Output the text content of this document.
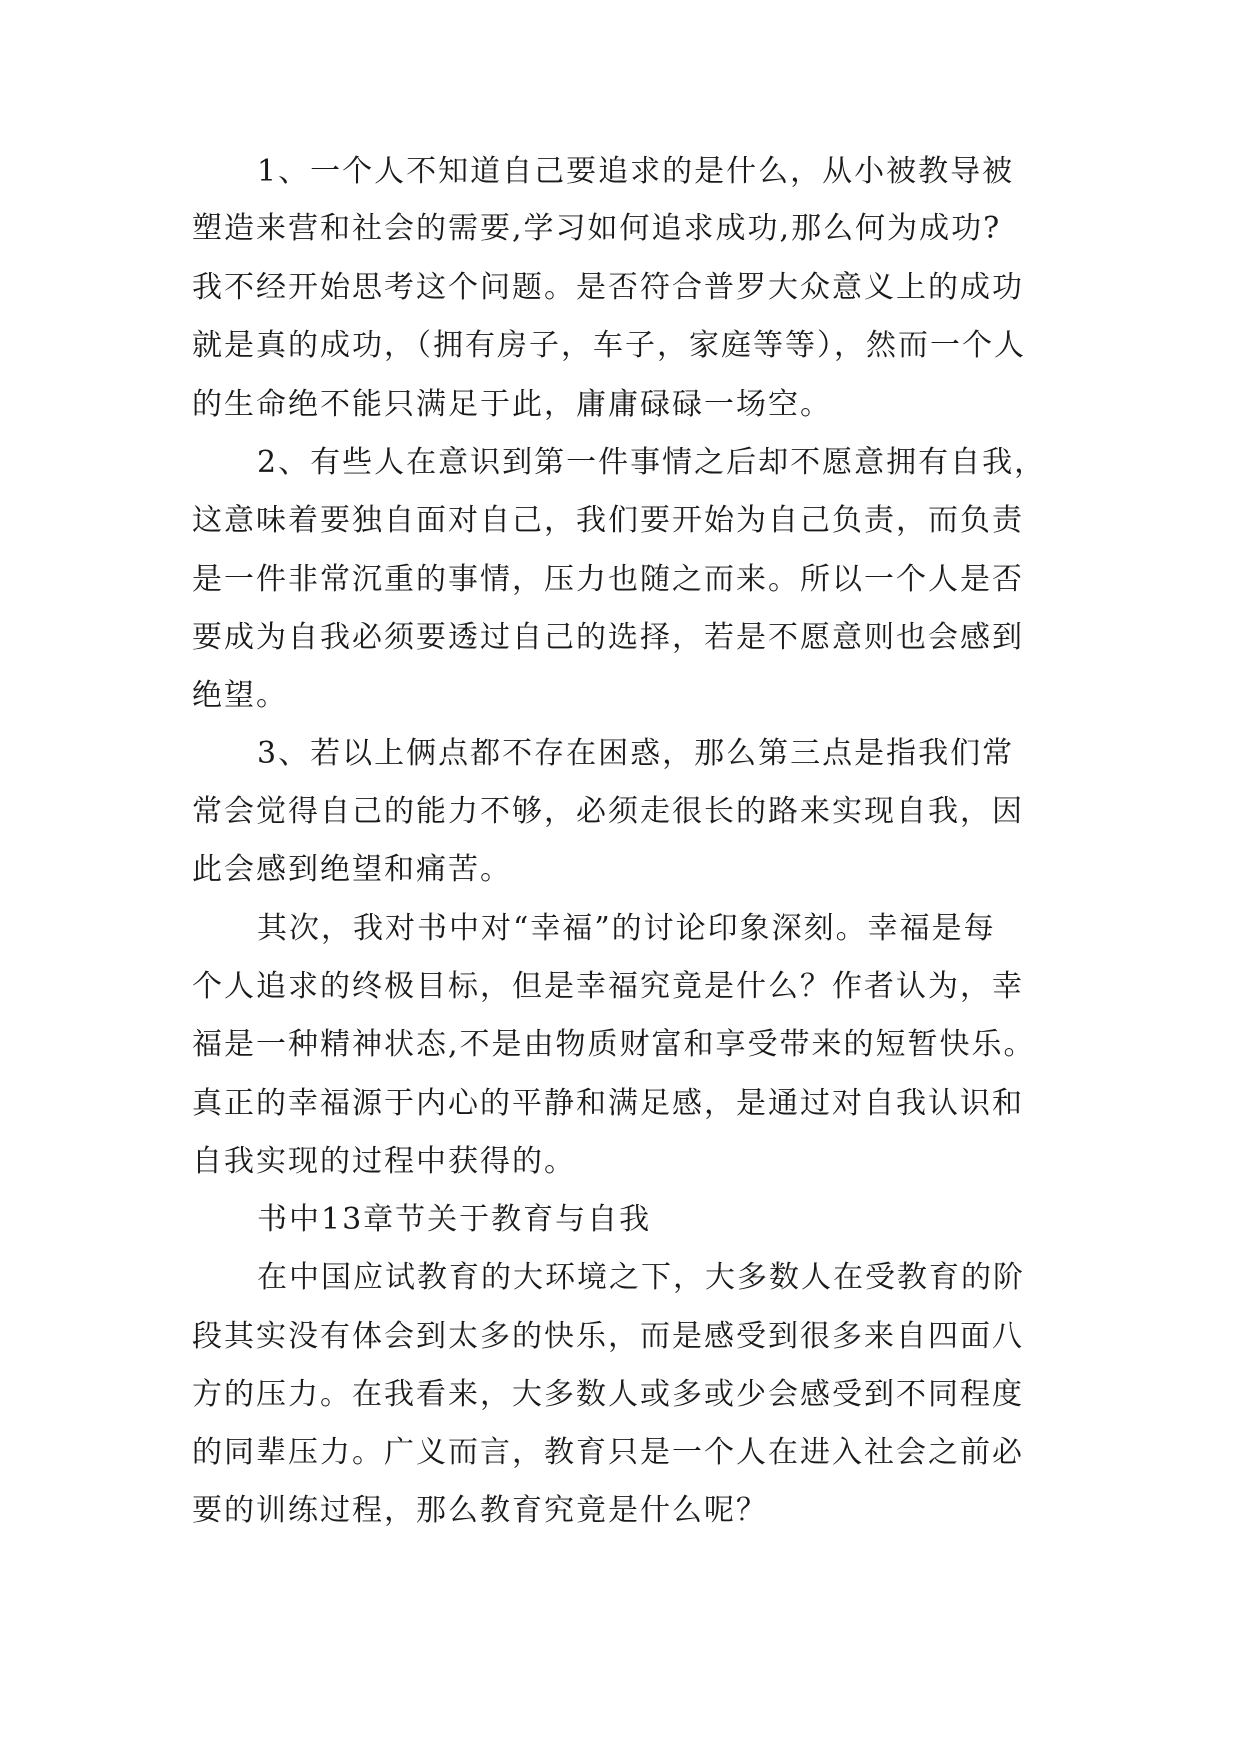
1、一个人不知道自己要追求的是什么，从小被教导被
塑造来营和社会的需要,学习如何追求成功,那么何为成功?
我不经开始思考这个问题。是否符合普罗大众意义上的成功
就是真的成功，（拥有房子，车子，家庭等等），然而一个人
的生命绝不能只满足于此，庸庸碌碌一场空。
2、有些人在意识到第一件事情之后却不愿意拥有自我，
这意味着要独自面对自己，我们要开始为自己负责，而负责
是一件非常沉重的事情，压力也随之而来。所以一个人是否
要成为自我必须要透过自己的选择，若是不愿意则也会感到
绝望。
3、若以上俩点都不存在困惑，那么第三点是指我们常
常会觉得自己的能力不够，必须走很长的路来实现自我，因
此会感到绝望和痛苦。
其次，我对书中对“幸福”的讨论印象深刻。幸福是每
个人追求的终极目标，但是幸福究竟是什么？作者认为，幸
福是一种精神状态,不是由物质财富和享受带来的短暂快乐。
真正的幸福源于内心的平静和满足感，是通过对自我认识和
自我实现的过程中获得的。
书中13章节关于教育与自我
在中国应试教育的大环境之下，大多数人在受教育的阶
段其实没有体会到太多的快乐，而是感受到很多来自四面八
方的压力。在我看来，大多数人或多或少会感受到不同程度
的同辈压力。广义而言，教育只是一个人在进入社会之前必
要的训练过程，那么教育究竟是什么呢？
